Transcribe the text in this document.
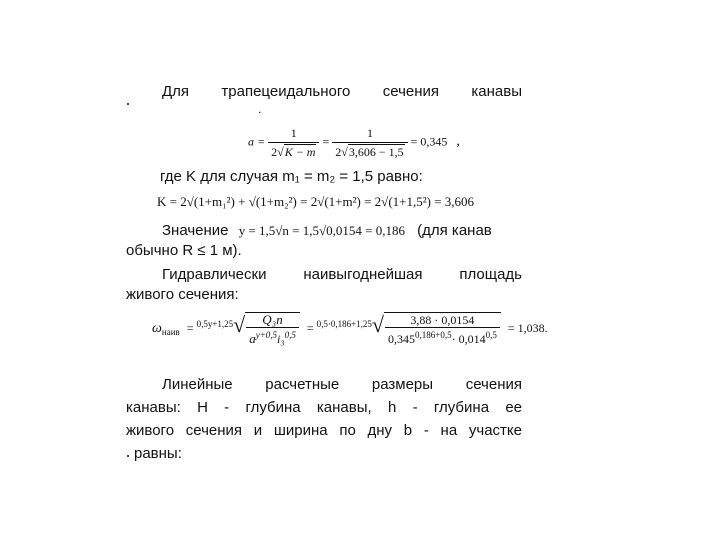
Для трапецеидального сечения канавы
.
$a = \frac{1}{2√K - m} = \frac{1}{2√3,606 - 1,5} = 0,345$ ,
где K для случая m₁ = m₂ = 1,5 равно:
K = 2√(1+m₁²) + √(1+m₂²) = 2√(1+m²) = 2√(1+1,5²) = 3,606
Значение y = 1,5√n = 1,5√0,0154 = 0,186 (для канав
обычно R ≤ 1 м).
Гидравлически наивыгоднейшая площадь
живого сечения:
$\omega_{наив} = ^{0,5y+1,25}√ \frac{\text{Q₃n}}{a^{y+0,5}i_3^{0,5}} = ^{0,5\cdot 0,186+1,25}√ \frac{3,88 \cdot 0,0154}{0,345^{0,186+0,5}\cdot 0,014^{0,5}} = 1,038$.
Линейные расчетные размеры сечения
канавы: H - глубина канавы, h - глубина ее
живого сечения и ширина по дну b - на участке
равны:
